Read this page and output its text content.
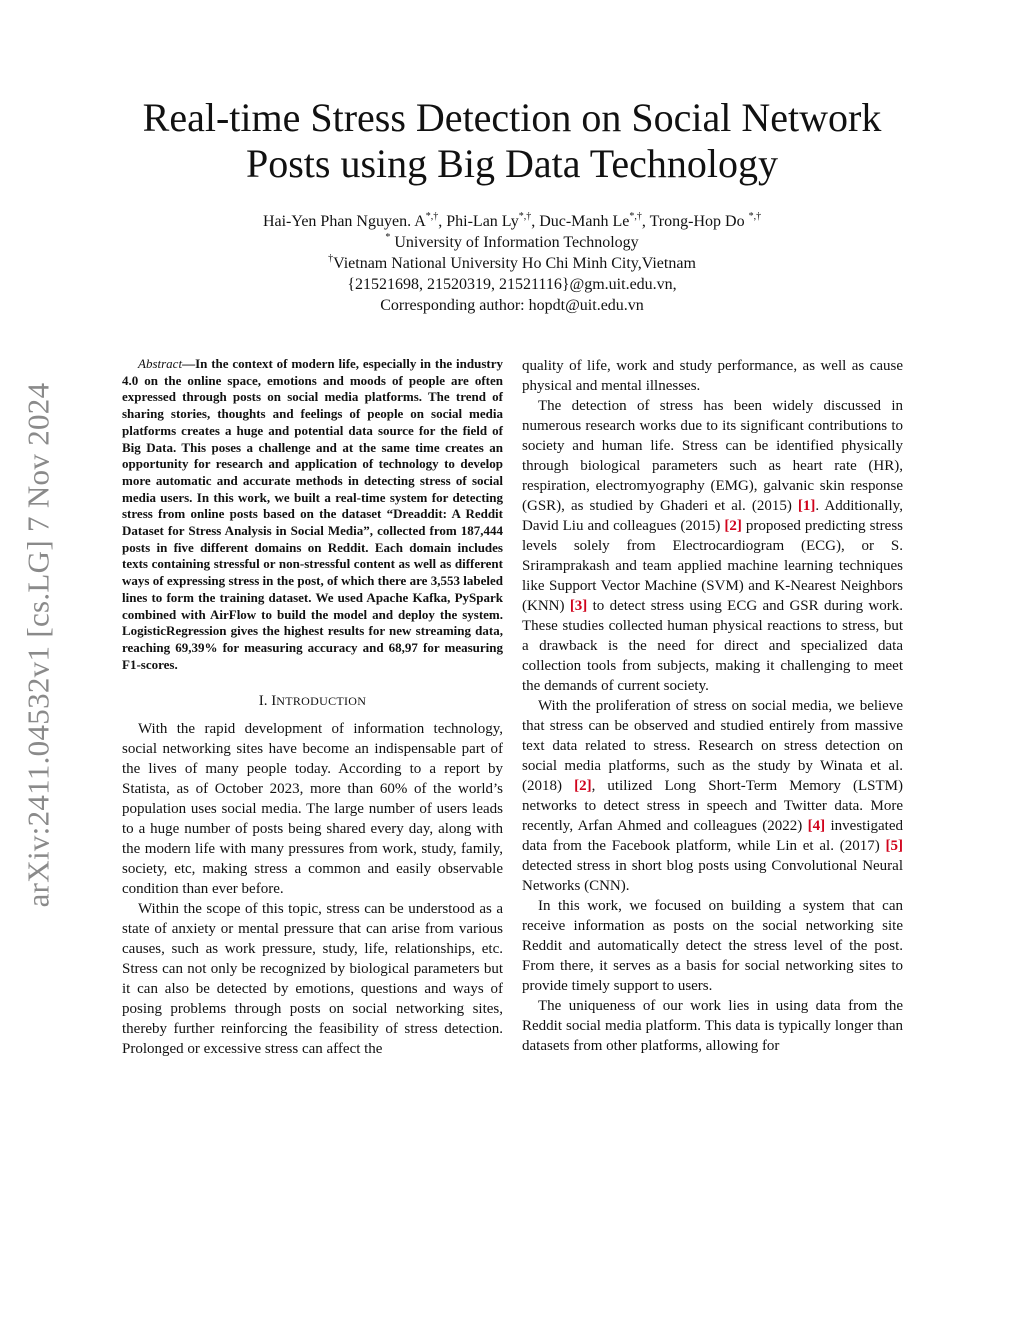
arXiv:2411.04532v1 [cs.LG] 7 Nov 2024
Real-time Stress Detection on Social Network
Posts using Big Data Technology
Hai-Yen Phan Nguyen. A*,†, Phi-Lan Ly*,†, Duc-Manh Le*,†, Trong-Hop Do *,†
* University of Information Technology
†Vietnam National University Ho Chi Minh City,Vietnam
{21521698, 21520319, 21521116}@gm.uit.edu.vn,
Corresponding author: hopdt@uit.edu.vn

Abstract—In the context of modern life, especially in the industry 4.0 on the online space, emotions and moods of people are often expressed through posts on social media platforms. The trend of sharing stories, thoughts and feelings of people on social media platforms creates a huge and potential data source for the field of Big Data. This poses a challenge and at the same time creates an opportunity for research and application of technology to develop more automatic and accurate methods in detecting stress of social media users. In this work, we built a real-time system for detecting stress from online posts based on the dataset “Dreaddit: A Reddit Dataset for Stress Analysis in Social Media”, collected from 187,444 posts in five different domains on Reddit. Each domain includes texts containing stressful or non-stressful content as well as different ways of expressing stress in the post, of which there are 3,553 labeled lines to form the training dataset. We used Apache Kafka, PySpark combined with AirFlow to build the model and deploy the system. LogisticRegression gives the highest results for new streaming data, reaching 69,39% for measuring accuracy and 68,97 for measuring F1-scores.

I. INTRODUCTION

With the rapid development of information technology, social networking sites have become an indispensable part of the lives of many people today. According to a report by Statista, as of October 2023, more than 60% of the world’s population uses social media. The large number of users leads to a huge number of posts being shared every day, along with the modern life with many pressures from work, study, family, society, etc, making stress a common and easily observable condition than ever before.

Within the scope of this topic, stress can be understood as a state of anxiety or mental pressure that can arise from various causes, such as work pressure, study, life, relationships, etc. Stress can not only be recognized by biological parameters but it can also be detected by emotions, questions and ways of posing problems through posts on social networking sites, thereby further reinforcing the feasibility of stress detection. Prolonged or excessive stress can affect the

quality of life, work and study performance, as well as cause physical and mental illnesses.

The detection of stress has been widely discussed in numerous research works due to its significant contributions to society and human life. Stress can be identified physically through biological parameters such as heart rate (HR), respiration, electromyography (EMG), galvanic skin response (GSR), as studied by Ghaderi et al. (2015) [1]. Additionally, David Liu and colleagues (2015) [2] proposed predicting stress levels solely from Electrocardiogram (ECG), or S. Sriramprakash and team applied machine learning techniques like Support Vector Machine (SVM) and K-Nearest Neighbors (KNN) [3] to detect stress using ECG and GSR during work. These studies collected human physical reactions to stress, but a drawback is the need for direct and specialized data collection tools from subjects, making it challenging to meet the demands of current society.

With the proliferation of stress on social media, we believe that stress can be observed and studied entirely from massive text data related to stress. Research on stress detection on social media platforms, such as the study by Winata et al. (2018) [2], utilized Long Short-Term Memory (LSTM) networks to detect stress in speech and Twitter data. More recently, Arfan Ahmed and colleagues (2022) [4] investigated data from the Facebook platform, while Lin et al. (2017) [5] detected stress in short blog posts using Convolutional Neural Networks (CNN).

In this work, we focused on building a system that can receive information as posts on the social networking site Reddit and automatically detect the stress level of the post. From there, it serves as a basis for social networking sites to provide timely support to users.

The uniqueness of our work lies in using data from the Reddit social media platform. This data is typically longer than datasets from other platforms, allowing for
